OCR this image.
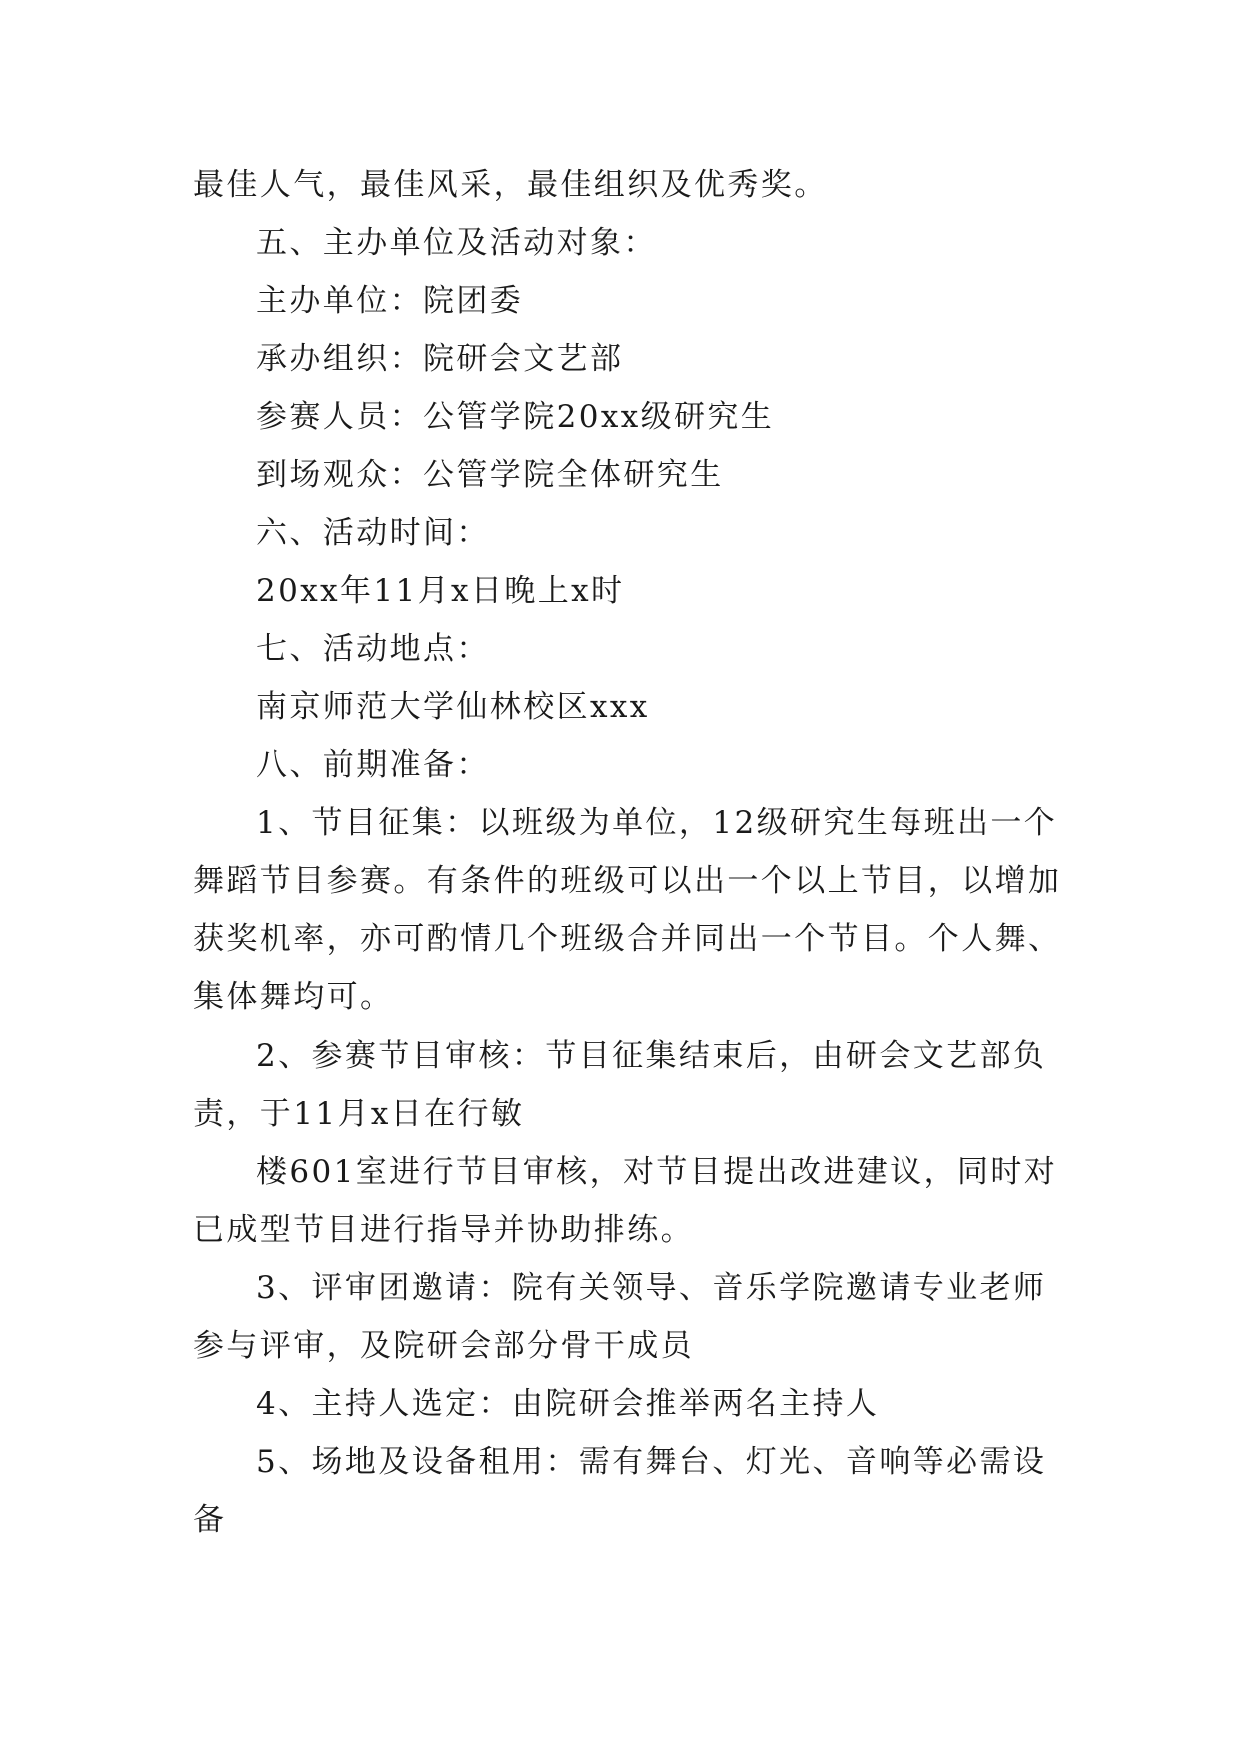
最佳人气，最佳风采，最佳组织及优秀奖。
五、主办单位及活动对象：
主办单位：院团委
承办组织：院研会文艺部
参赛人员：公管学院20xx级研究生
到场观众：公管学院全体研究生
六、活动时间：
20xx年11月x日晚上x时
七、活动地点：
南京师范大学仙林校区xxx
八、前期准备：
1、节目征集：以班级为单位，12级研究生每班出一个
舞蹈节目参赛。有条件的班级可以出一个以上节目，以增加
获奖机率，亦可酌情几个班级合并同出一个节目。个人舞、
集体舞均可。
2、参赛节目审核：节目征集结束后，由研会文艺部负
责，于11月x日在行敏
楼601室进行节目审核，对节目提出改进建议，同时对
已成型节目进行指导并协助排练。
3、评审团邀请：院有关领导、音乐学院邀请专业老师
参与评审，及院研会部分骨干成员
4、主持人选定：由院研会推举两名主持人
5、场地及设备租用：需有舞台、灯光、音响等必需设
备
